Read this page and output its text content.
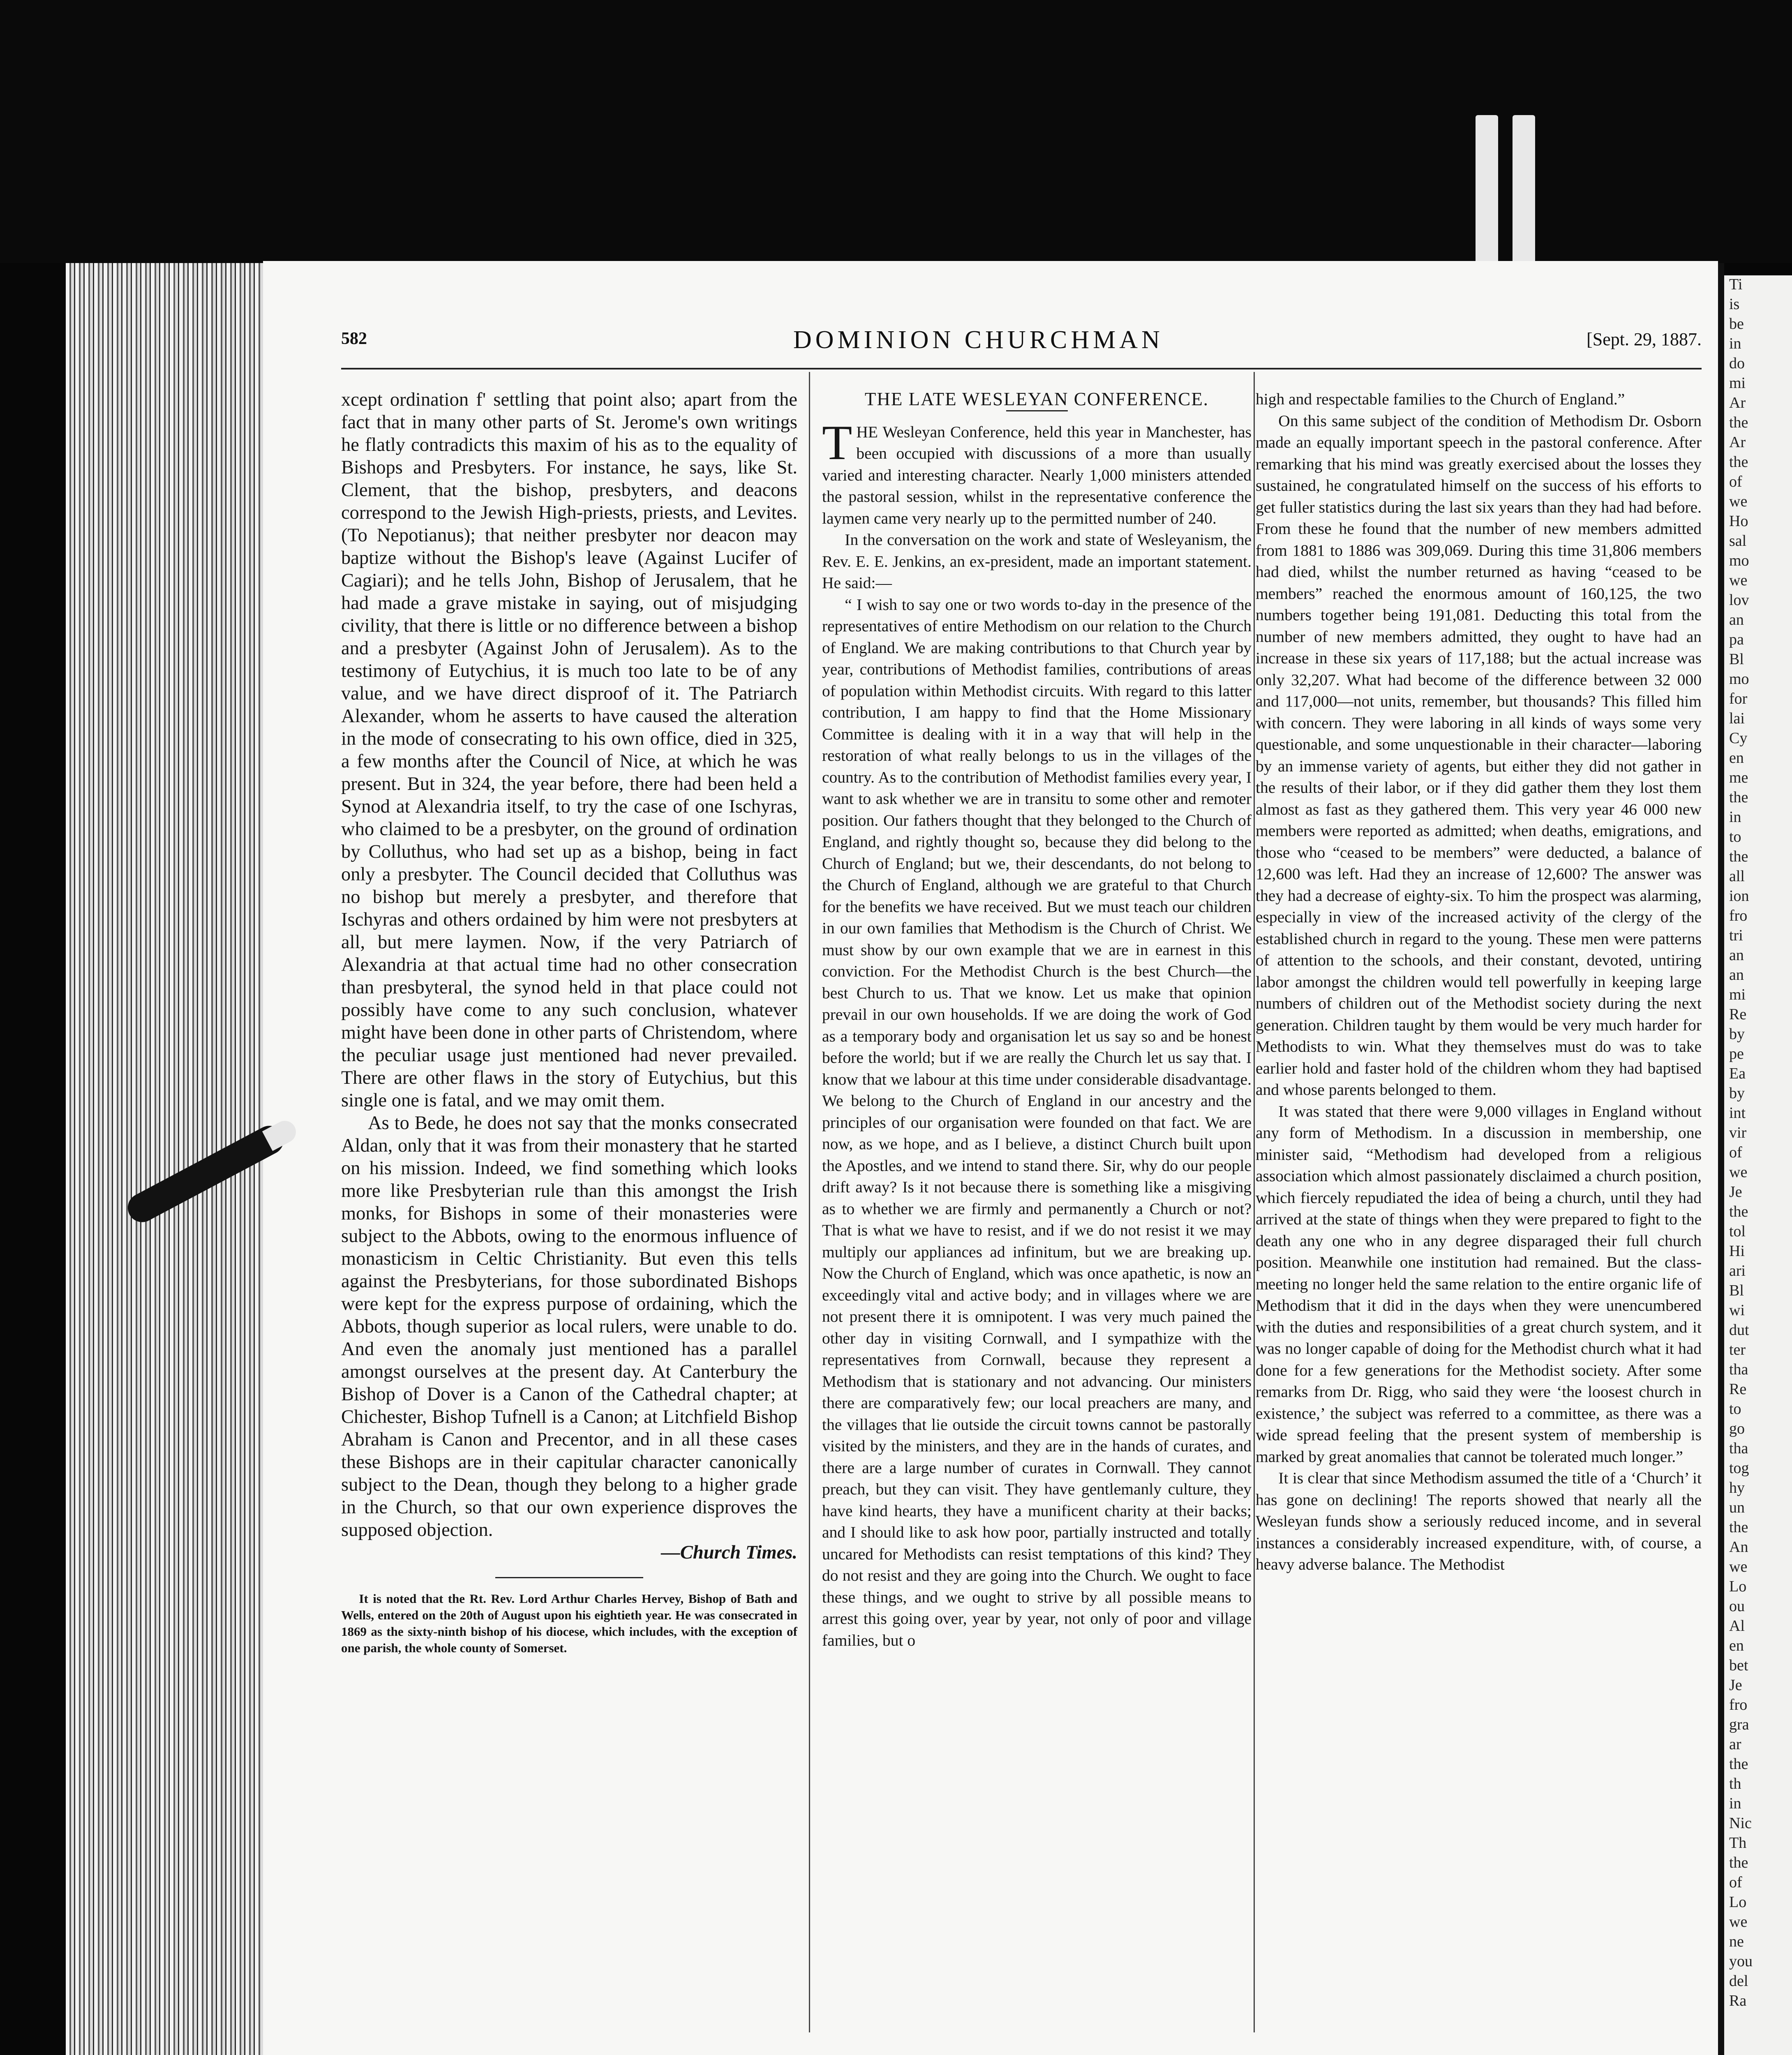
Ti
is
be
in
do
mi
Ar
the
Ar
the
of
we
Ho
sal
mo
we
lov
an
pa
Bl
mo
for
lai
Cy
en
me
the
in
to
the
all
ion
fro
tri
an
an
mi
Re
by
pe
Ea
by
int
vir
of
we
Je
the
tol
Hi
ari
Bl
wi
dut
ter
tha
Re
to
go
tha
tog
hy
un
the
An
we
Lo
ou
Al
en
bet
Je
fro
gra
ar
the
th
in
Nic
Th
the
of
Lo
we
ne
you
del
Ra
582	DOMINION CHURCHMAN	[Sept. 29, 1887.

xcept ordination f' settling that point also; apart from the fact that in many other parts of St. Jerome's own writings he flatly contradicts this maxim of his as to the equality of Bishops and Presbyters. For instance, he says, like St. Clement, that the bishop, presbyters, and deacons correspond to the Jewish High-priests, priests, and Levites. (To Nepotianus); that neither presbyter nor deacon may baptize without the Bishop's leave (Against Lucifer of Cagiari); and he tells John, Bishop of Jerusalem, that he had made a grave mistake in saying, out of misjudging civility, that there is little or no difference between a bishop and a presbyter (Against John of Jerusalem). As to the testimony of Eutychius, it is much too late to be of any value, and we have direct disproof of it. The Patriarch Alexander, whom he asserts to have caused the alteration in the mode of consecrating to his own office, died in 325, a few months after the Council of Nice, at which he was present. But in 324, the year before, there had been held a Synod at Alexandria itself, to try the case of one Ischyras, who claimed to be a presbyter, on the ground of ordination by Colluthus, who had set up as a bishop, being in fact only a presbyter. The Council decided that Colluthus was no bishop but merely a presbyter, and therefore that Ischyras and others ordained by him were not presbyters at all, but mere laymen. Now, if the very Patriarch of Alexandria at that actual time had no other consecration than presbyteral, the synod held in that place could not possibly have come to any such conclusion, whatever might have been done in other parts of Christendom, where the peculiar usage just mentioned had never prevailed. There are other flaws in the story of Eutychius, but this single one is fatal, and we may omit them.

As to Bede, he does not say that the monks consecrated Aldan, only that it was from their monastery that he started on his mission. Indeed, we find something which looks more like Presbyterian rule than this amongst the Irish monks, for Bishops in some of their monasteries were subject to the Abbots, owing to the enormous influence of monasticism in Celtic Christianity. But even this tells against the Presbyterians, for those subordinated Bishops were kept for the express purpose of ordaining, which the Abbots, though superior as local rulers, were unable to do. And even the anomaly just mentioned has a parallel amongst ourselves at the present day. At Canterbury the Bishop of Dover is a Canon of the Cathedral chapter; at Chichester, Bishop Tufnell is a Canon; at Litchfield Bishop Abraham is Canon and Precentor, and in all these cases these Bishops are in their capitular character canonically subject to the Dean, though they belong to a higher grade in the Church, so that our own experience disproves the supposed objection.

—Church Times.

It is noted that the Rt. Rev. Lord Arthur Charles Hervey, Bishop of Bath and Wells, entered on the 20th of August upon his eightieth year. He was consecrated in 1869 as the sixty-ninth bishop of his diocese, which includes, with the exception of one parish, the whole county of Somerset.

THE LATE WESLEYAN CONFERENCE.

THE Wesleyan Conference, held this year in Manchester, has been occupied with discussions of a more than usually varied and interesting character. Nearly 1,000 ministers attended the pastoral session, whilst in the representative conference the laymen came very nearly up to the permitted number of 240.

In the conversation on the work and state of Wesleyanism, the Rev. E. E. Jenkins, an ex-president, made an important statement. He said:—

“ I wish to say one or two words to-day in the presence of the representatives of entire Methodism on our relation to the Church of England. We are making contributions to that Church year by year, contributions of Methodist families, contributions of areas of population within Methodist circuits. With regard to this latter contribution, I am happy to find that the Home Missionary Committee is dealing with it in a way that will help in the restoration of what really belongs to us in the villages of the country. As to the contribution of Methodist families every year, I want to ask whether we are in transitu to some other and remoter position. Our fathers thought that they belonged to the Church of England, and rightly thought so, because they did belong to the Church of England; but we, their descendants, do not belong to the Church of England, although we are grateful to that Church for the benefits we have received. But we must teach our children in our own families that Methodism is the Church of Christ. We must show by our own example that we are in earnest in this conviction. For the Methodist Church is the best Church—the best Church to us. That we know. Let us make that opinion prevail in our own households. If we are doing the work of God as a temporary body and organisation let us say so and be honest before the world; but if we are really the Church let us say that. I know that we labour at this time under considerable disadvantage. We belong to the Church of England in our ancestry and the principles of our organisation were founded on that fact. We are now, as we hope, and as I believe, a distinct Church built upon the Apostles, and we intend to stand there. Sir, why do our people drift away? Is it not because there is something like a misgiving as to whether we are firmly and permanently a Church or not? That is what we have to resist, and if we do not resist it we may multiply our appliances ad infinitum, but we are breaking up. Now the Church of England, which was once apathetic, is now an exceedingly vital and active body; and in villages where we are not present there it is omnipotent. I was very much pained the other day in visiting Cornwall, and I sympathize with the representatives from Cornwall, because they represent a Methodism that is stationary and not advancing. Our ministers there are comparatively few; our local preachers are many, and the villages that lie outside the circuit towns cannot be pastorally visited by the ministers, and they are in the hands of curates, and there are a large number of curates in Cornwall. They cannot preach, but they can visit. They have gentlemanly culture, they have kind hearts, they have a munificent charity at their backs; and I should like to ask how poor, partially instructed and totally uncared for Methodists can resist temptations of this kind? They do not resist and they are going into the Church. We ought to face these things, and we ought to strive by all possible means to arrest this going over, year by year, not only of poor and village families, but o

high and respectable families to the Church of England.”

On this same subject of the condition of Methodism Dr. Osborn made an equally important speech in the pastoral conference. After remarking that his mind was greatly exercised about the losses they sustained, he congratulated himself on the success of his efforts to get fuller statistics during the last six years than they had had before. From these he found that the number of new members admitted from 1881 to 1886 was 309,069. During this time 31,806 members had died, whilst the number returned as having “ceased to be members” reached the enormous amount of 160,125, the two numbers together being 191,081. Deducting this total from the number of new members admitted, they ought to have had an increase in these six years of 117,188; but the actual increase was only 32,207. What had become of the difference between 32 000 and 117,000—not units, remember, but thousands? This filled him with concern. They were laboring in all kinds of ways some very questionable, and some unquestionable in their character—laboring by an immense variety of agents, but either they did not gather in the results of their labor, or if they did gather them they lost them almost as fast as they gathered them. This very year 46 000 new members were reported as admitted; when deaths, emigrations, and those who “ceased to be members” were deducted, a balance of 12,600 was left. Had they an increase of 12,600? The answer was they had a decrease of eighty-six. To him the prospect was alarming, especially in view of the increased activity of the clergy of the established church in regard to the young. These men were patterns of attention to the schools, and their constant, devoted, untiring labor amongst the children would tell powerfully in keeping large numbers of children out of the Methodist society during the next generation. Children taught by them would be very much harder for Methodists to win. What they themselves must do was to take earlier hold and faster hold of the children whom they had baptised and whose parents belonged to them.

It was stated that there were 9,000 villages in England without any form of Methodism. In a discussion in membership, one minister said, “Methodism had developed from a religious association which almost passionately disclaimed a church position, which fiercely repudiated the idea of being a church, until they had arrived at the state of things when they were prepared to fight to the death any one who in any degree disparaged their full church position. Meanwhile one institution had remained. But the class-meeting no longer held the same relation to the entire organic life of Methodism that it did in the days when they were unencumbered with the duties and responsibilities of a great church system, and it was no longer capable of doing for the Methodist church what it had done for a few generations for the Methodist society. After some remarks from Dr. Rigg, who said they were ‘the loosest church in existence,’ the subject was referred to a committee, as there was a wide spread feeling that the present system of membership is marked by great anomalies that cannot be tolerated much longer.”

It is clear that since Methodism assumed the title of a ‘Church’ it has gone on declining! The reports showed that nearly all the Wesleyan funds show a seriously reduced income, and in several instances a considerably increased expenditure, with, of course, a heavy adverse balance. The Methodist
